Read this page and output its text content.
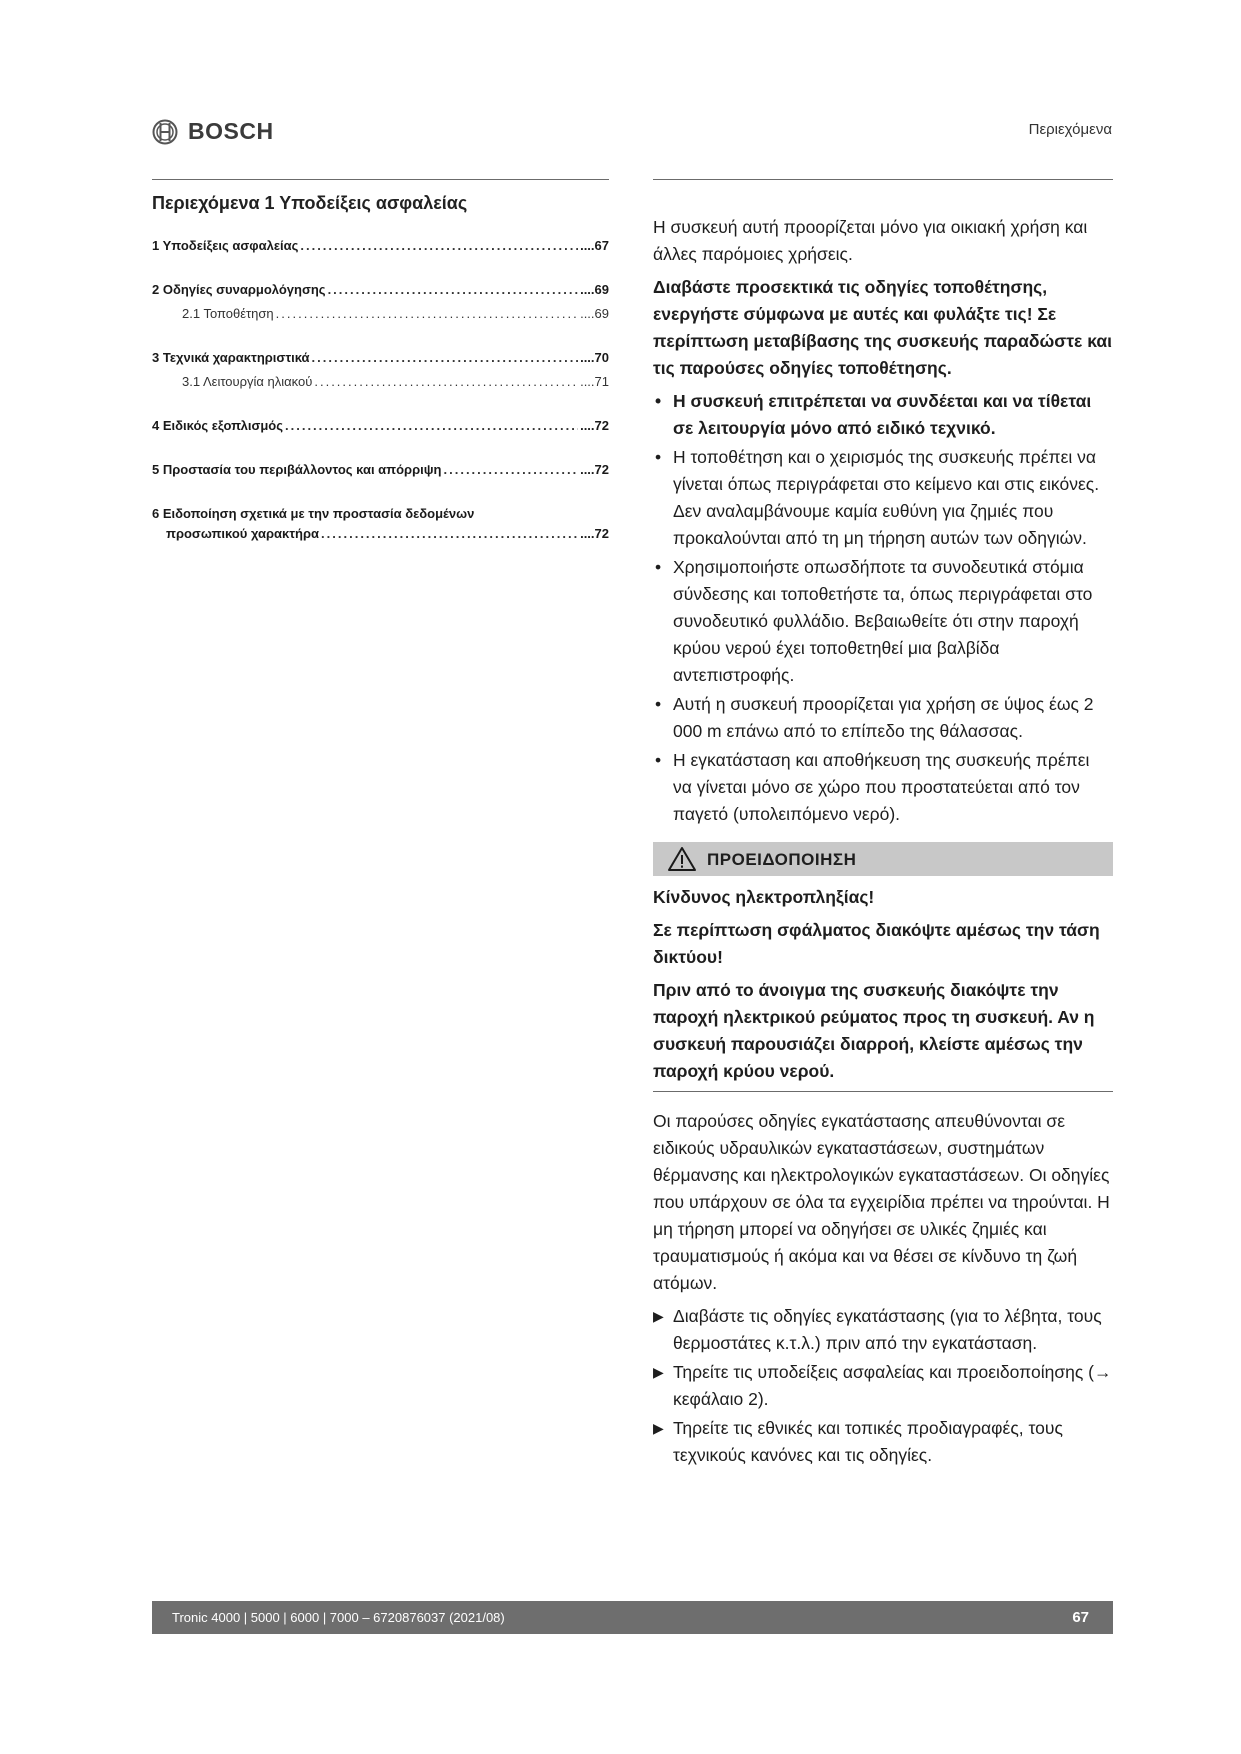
BOSCH	Περιεχόμενα
Περιεχόμενα 1 Υποδείξεις ασφαλείας
1 Υποδείξεις ασφαλείας .....	....67
2 Οδηγίες συναρμολόγησης .....	....69
2.1 Τοποθέτηση .....	....69
3 Τεχνικά χαρακτηριστικά .....	....70
3.1 Λειτουργία ηλιακού .....	....71
4 Ειδικός εξοπλισμός .....	....72
5 Προστασία του περιβάλλοντος και απόρριψη .....	....72
6 Ειδοποίηση σχετικά με την προστασία δεδομένων
προσωπικού χαρακτήρα .....	....72

Η συσκευή αυτή προορίζεται μόνο για οικιακή χρήση και άλλες παρόμοιες χρήσεις.

Διαβάστε προσεκτικά τις οδηγίες τοποθέτησης, ενεργήστε σύμφωνα με αυτές και φυλάξτε τις! Σε περίπτωση μεταβίβασης της συσκευής παραδώστε και τις παρούσες οδηγίες τοποθέτησης.

• Η συσκευή επιτρέπεται να συνδέεται και να τίθεται σε λειτουργία μόνο από ειδικό τεχνικό.
• Η τοποθέτηση και ο χειρισμός της συσκευής πρέπει να γίνεται όπως περιγράφεται στο κείμενο και στις εικόνες. Δεν αναλαμβάνουμε καμία ευθύνη για ζημιές που προκαλούνται από τη μη τήρηση αυτών των οδηγιών.
• Χρησιμοποιήστε οπωσδήποτε τα συνοδευτικά στόμια σύνδεσης και τοποθετήστε τα, όπως περιγράφεται στο συνοδευτικό φυλλάδιο. Βεβαιωθείτε ότι στην παροχή κρύου νερού έχει τοποθετηθεί μια βαλβίδα αντεπιστροφής.
• Αυτή η συσκευή προορίζεται για χρήση σε ύψος έως 2 000 m επάνω από το επίπεδο της θάλασσας.
• Η εγκατάσταση και αποθήκευση της συσκευής πρέπει να γίνεται μόνο σε χώρο που προστατεύεται από τον παγετό (υπολειπόμενο νερό).
ΠΡΟΕΙΔΟΠΟΙΗΣΗ

Κίνδυνος ηλεκτροπληξίας!

Σε περίπτωση σφάλματος διακόψτε αμέσως την τάση δικτύου!

Πριν από το άνοιγμα της συσκευής διακόψτε την παροχή ηλεκτρικού ρεύματος προς τη συσκευή. Αν η συσκευή παρουσιάζει διαρροή, κλείστε αμέσως την παροχή κρύου νερού.

Οι παρούσες οδηγίες εγκατάστασης απευθύνονται σε ειδικούς υδραυλικών εγκαταστάσεων, συστημάτων θέρμανσης και ηλεκτρολογικών εγκαταστάσεων. Οι οδηγίες που υπάρχουν σε όλα τα εγχειρίδια πρέπει να τηρούνται. Η μη τήρηση μπορεί να οδηγήσει σε υλικές ζημιές και τραυματισμούς ή ακόμα και να θέσει σε κίνδυνο τη ζωή ατόμων.

▶ Διαβάστε τις οδηγίες εγκατάστασης (για το λέβητα, τους θερμοστάτες κ.τ.λ.) πριν από την εγκατάσταση.
▶ Τηρείτε τις υποδείξεις ασφαλείας και προειδοποίησης (→ κεφάλαιο 2).
▶ Τηρείτε τις εθνικές και τοπικές προδιαγραφές, τους τεχνικούς κανόνες και τις οδηγίες.
Tronic 4000 | 5000 | 6000 | 7000 – 6720876037 (2021/08)	67
